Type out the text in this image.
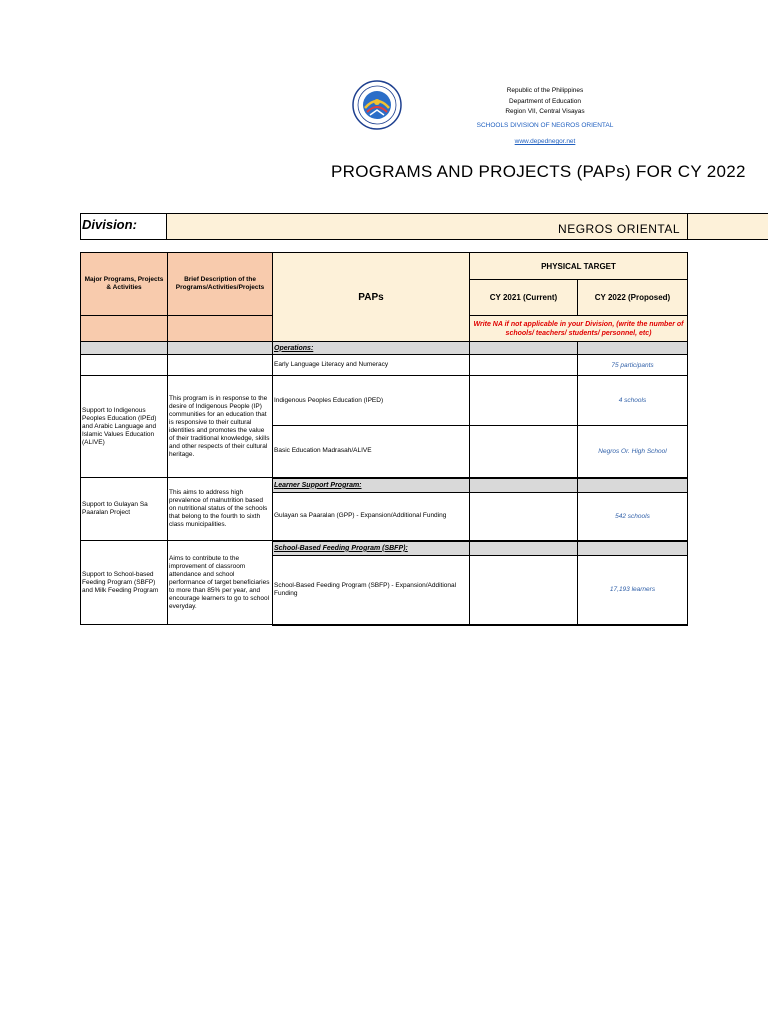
Republic of the Philippines
Department of Education
Region VII, Central Visayas
SCHOOLS DIVISION OF NEGROS ORIENTAL
www.depednegor.net
PROGRAMS AND PROJECTS (PAPs) FOR CY 2022
Division:	NEGROS ORIENTAL
Major Programs, Projects & Activities	Brief Description of the Programs/Activities/Projects	PAPs	PHYSICAL TARGET	
			CY 2021 (Current)	CY 2022 (Proposed)
			Write NA if not applicable in your Division, (write the number of schools/ teachers/ students/ personnel, etc)	
		Operations:		
		Early Language Literacy and Numeracy		75 participants
Support to Indigenous Peoples Education (IPEd) and Arabic Language and Islamic Values Education (ALIVE)	This program is in response to the desire of Indigenous People (IP) communities for an education that is responsive to their cultural identities and promotes the value of their traditional knowledge, skills and other respects of their cultural heritage.	Indigenous Peoples Education (IPED)		4 schools
		Basic Education Madrasah/ALIVE		Negros Or. High School
Support to Gulayan Sa Paaralan Project	This aims to address high prevalence of malnutrition based on nutritional status of the schools that belong to the fourth to sixth class municipalities.	Learner Support Program:		
		Gulayan sa Paaralan (GPP) - Expansion/Additional Funding		542 schools
Support to School-based Feeding Program (SBFP) and Milk Feeding Program	Aims to contribute to the improvement of classroom attendance and school performance of target beneficiaries to more than 85% per year, and encourage learners to go to school everyday.	School-Based Feeding Program (SBFP):		
		School-Based Feeding Program (SBFP) - Expansion/Additional Funding		17,193 learners
